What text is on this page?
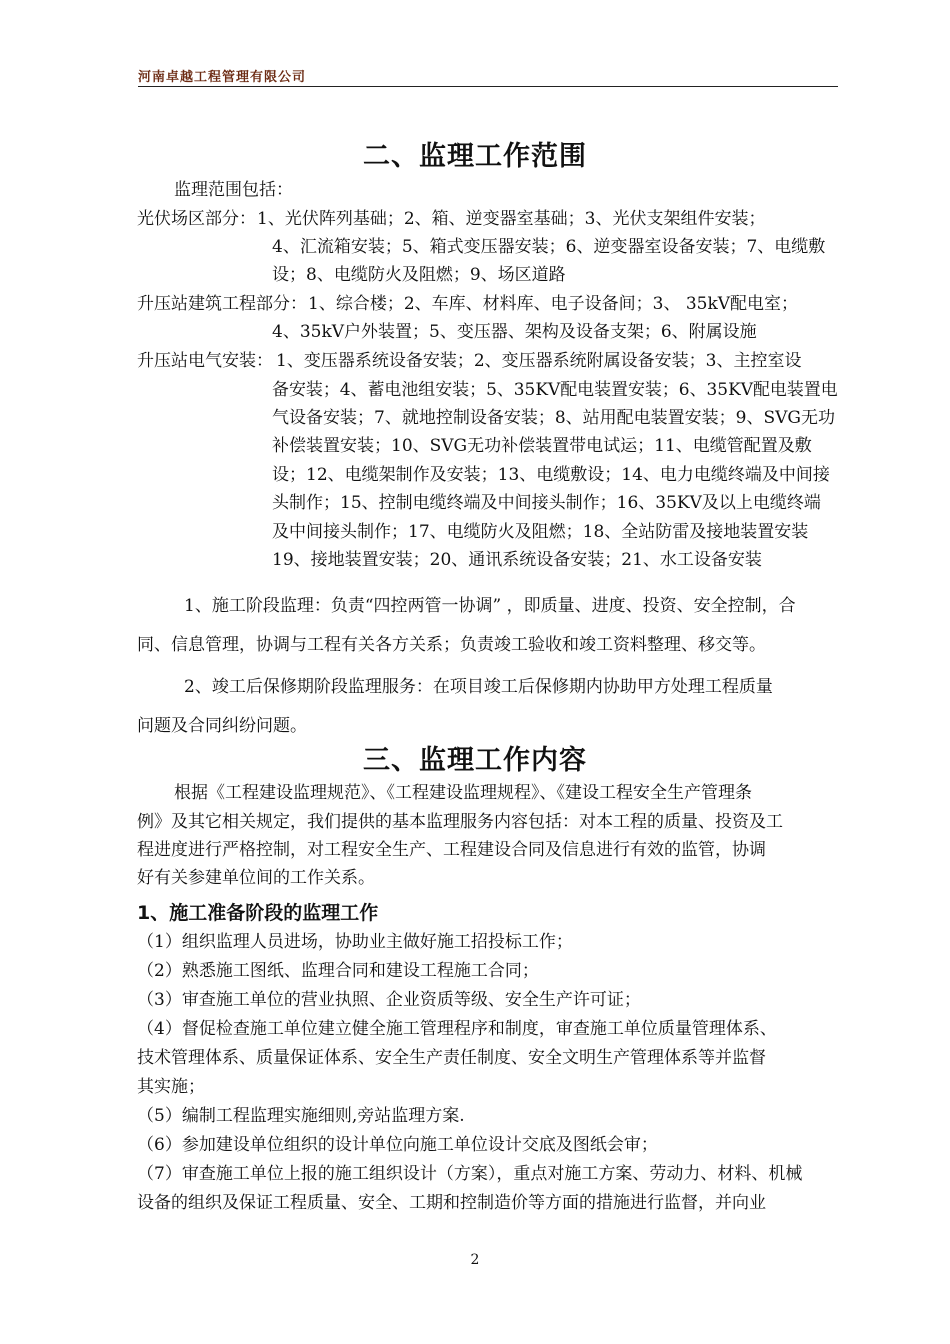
河南卓越工程管理有限公司
二、监理工作范围
监理范围包括：
光伏场区部分： 1、光伏阵列基础；2、箱、逆变器室基础；3、光伏支架组件安装；
4、汇流箱安装；5、箱式变压器安装；6、逆变器室设备安装；7、电缆敷
设；8、电缆防火及阻燃；9、场区道路
升压站建筑工程部分： 1、综合楼；2、车库、材料库、电子设备间；3、 35kV配电室；
4、35kV户外装置；5、变压器、架构及设备支架；6、附属设施
升压站电气安装： 1、变压器系统设备安装；2、变压器系统附属设备安装；3、主控室设
备安装；4、蓄电池组安装；5、35KV配电装置安装；6、35KV配电装置电
气设备安装；7、就地控制设备安装；8、站用配电装置安装；9、SVG无功
补偿装置安装；10、SVG无功补偿装置带电试运；11、电缆管配置及敷
设；12、电缆架制作及安装；13、电缆敷设；14、电力电缆终端及中间接
头制作；15、控制电缆终端及中间接头制作；16、35KV及以上电缆终端
及中间接头制作；17、电缆防火及阻燃；18、全站防雷及接地装置安装
19、接地装置安装；20、通讯系统设备安装；21、水工设备安装
1、施工阶段监理：负责“四控两管一协调” ，即质量、进度、投资、安全控制，合
同、信息管理，协调与工程有关各方关系；负责竣工验收和竣工资料整理、移交等。
2、竣工后保修期阶段监理服务：在项目竣工后保修期内协助甲方处理工程质量
问题及合同纠纷问题。
三、监理工作内容
根据《工程建设监理规范》、《工程建设监理规程》、《建设工程安全生产管理条
例》及其它相关规定，我们提供的基本监理服务内容包括：对本工程的质量、投资及工
程进度进行严格控制，对工程安全生产、工程建设合同及信息进行有效的监管，协调
好有关参建单位间的工作关系。
1、施工准备阶段的监理工作
（1）组织监理人员进场，协助业主做好施工招投标工作；
（2）熟悉施工图纸、监理合同和建设工程施工合同；
（3）审查施工单位的营业执照、企业资质等级、安全生产许可证；
（4）督促检查施工单位建立健全施工管理程序和制度，审查施工单位质量管理体系、
技术管理体系、质量保证体系、安全生产责任制度、安全文明生产管理体系等并监督
其实施；
（5）编制工程监理实施细则,旁站监理方案.
（6）参加建设单位组织的设计单位向施工单位设计交底及图纸会审；
（7）审查施工单位上报的施工组织设计（方案），重点对施工方案、劳动力、材料、机械
设备的组织及保证工程质量、安全、工期和控制造价等方面的措施进行监督，并向业
2
